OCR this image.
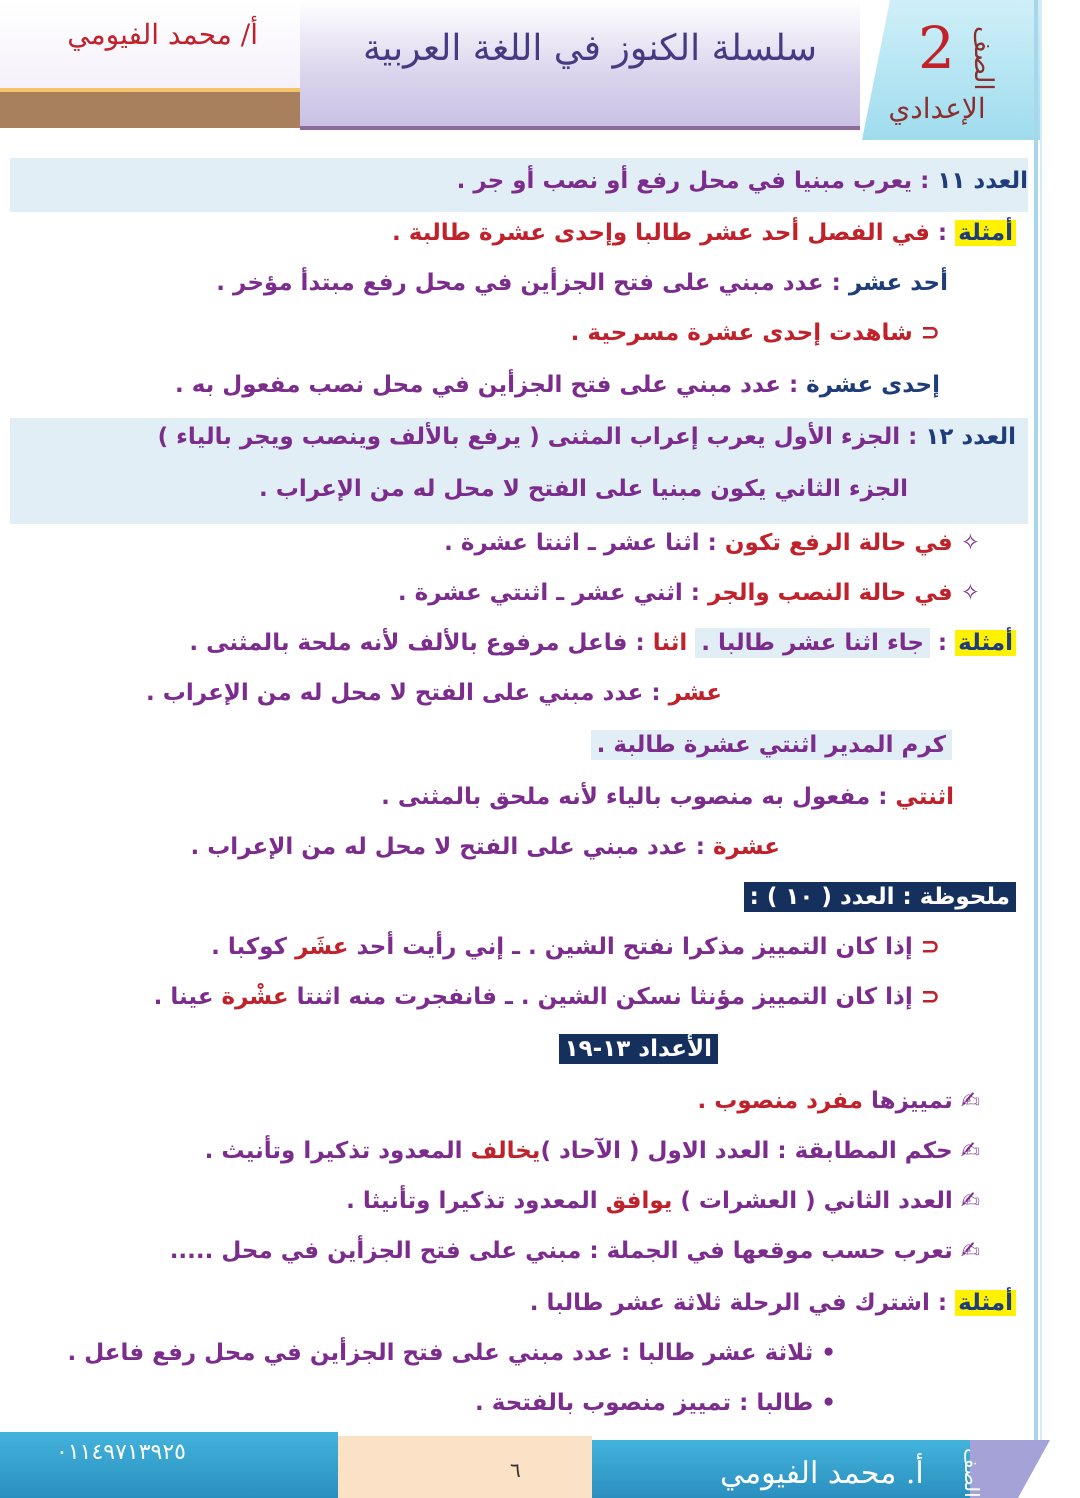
أ/ محمد الفيومي	سلسلة الكنوز في اللغة العربية 2 الصف
الإعدادي
العدد ١١ : يعرب مبنيا في محل رفع أو نصب أو جر .
أمثلة : في الفصل أحد عشر طالبا وإحدى عشرة طالبة .
أحد عشر : عدد مبني على فتح الجزأين في محل رفع مبتدأ مؤخر .
⊂ شاهدت إحدى عشرة مسرحية .
إحدى عشرة : عدد مبني على فتح الجزأين في محل نصب مفعول به .
العدد ١٢ : الجزء الأول يعرب إعراب المثنى ( يرفع بالألف وينصب ويجر بالياء )
الجزء الثاني يكون مبنيا على الفتح لا محل له من الإعراب .
✧ في حالة الرفع تكون : اثنا عشر ـ اثنتا عشرة .
✧ في حالة النصب والجر : اثني عشر ـ اثنتي عشرة .
أمثلة : جاء اثنا عشر طالبا . اثنا : فاعل مرفوع بالألف لأنه ملحة بالمثنى .
عشر : عدد مبني على الفتح لا محل له من الإعراب .
كرم المدير اثنتي عشرة طالبة .
اثنتي : مفعول به منصوب بالياء لأنه ملحق بالمثنى .
عشرة : عدد مبني على الفتح لا محل له من الإعراب .
ملحوظة : العدد ( ١٠ ) :
⊂ إذا كان التمييز مذكرا نفتح الشين . ـ إني رأيت أحد عشَر كوكبا .
⊂ إذا كان التمييز مؤنثا نسكن الشين . ـ فانفجرت منه اثنتا عشْرة عينا .
الأعداد ١٣-١٩
✍ تمييزها مفرد منصوب .
✍ حكم المطابقة : العدد الاول ( الآحاد )يخالف المعدود تذكيرا وتأنيث .
✍ العدد الثاني ( العشرات ) يوافق المعدود تذكيرا وتأنيثا .
✍ تعرب حسب موقعها في الجملة : مبني على فتح الجزأين في محل .....
أمثلة : اشترك في الرحلة ثلاثة عشر طالبا .
• ثلاثة عشر طالبا : عدد مبني على فتح الجزأين في محل رفع فاعل .
• طالبا : تمييز منصوب بالفتحة .
٠١١٤٩٧١٣٩٢٥
٦	أ. محمد الفيومي الصف
